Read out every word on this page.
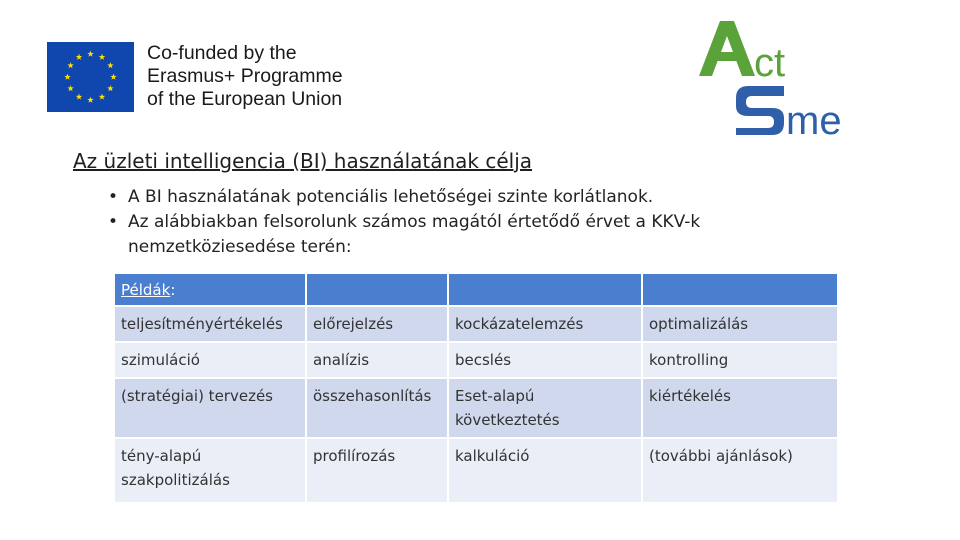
Co-funded by the
Erasmus+ Programme
of the European Union
ct
me
Az üzleti intelligencia (BI) használatának célja
• A BI használatának potenciális lehetőségei szinte korlátlanok.
• Az alábbiakban felsorolunk számos magától értetődő érvet a KKV-k nemzetköziesedése terén:
Példák:			
teljesítményértékelés	előrejelzés	kockázatelemzés	optimalizálás
szimuláció	analízis	becslés	kontrolling
(stratégiai) tervezés	összehasonlítás	Eset-alapú következtetés	kiértékelés
tény-alapú szakpolitizálás	profilírozás	kalkuláció	(további ajánlások)
